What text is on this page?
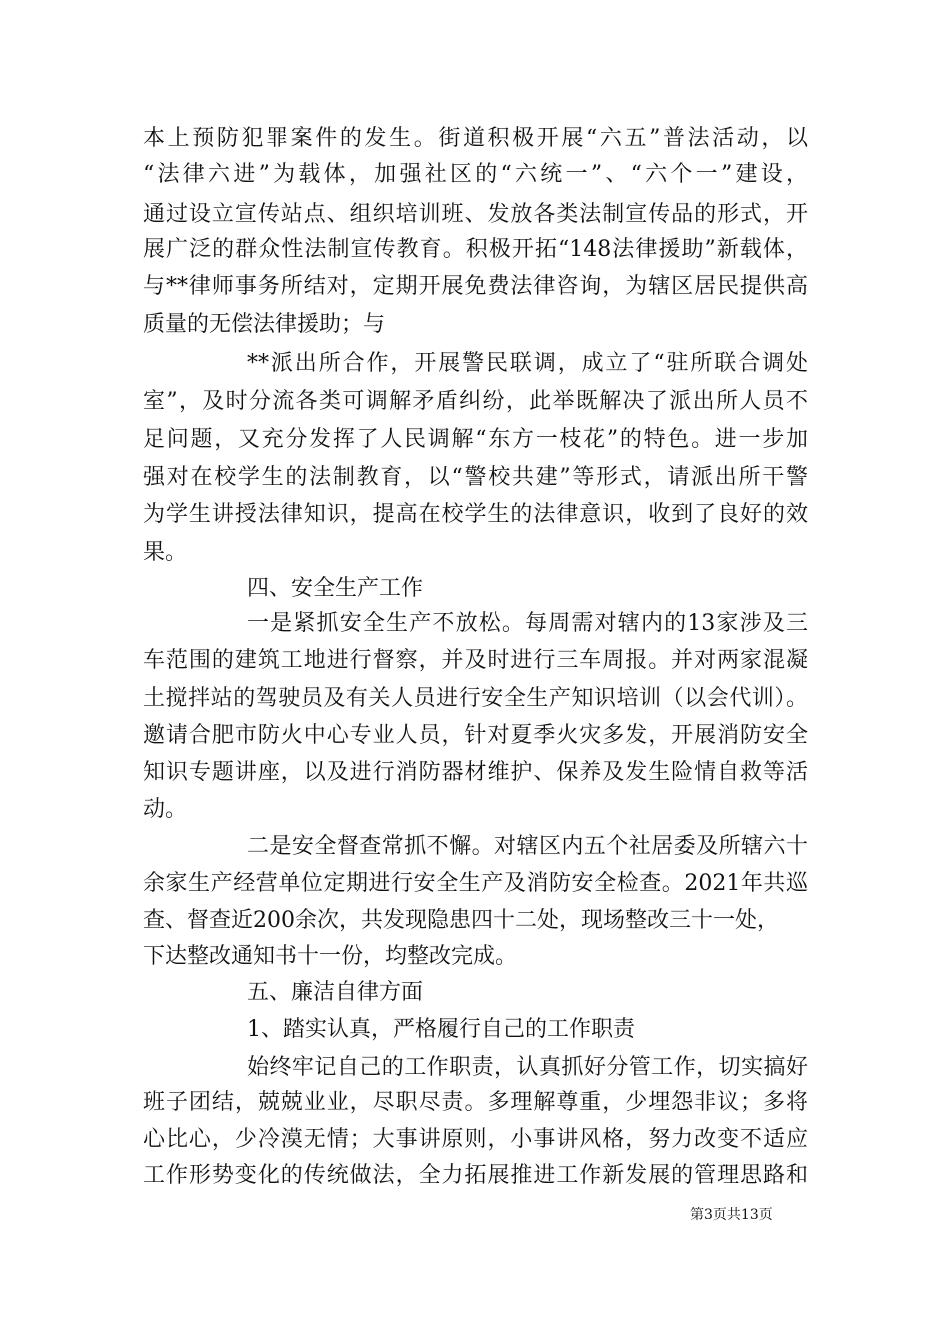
本上预防犯罪案件的发生。街道积极开展“六五”普法活动，以
“法律六进”为载体，加强社区的“六统一”、“六个一”建设，
通过设立宣传站点、组织培训班、发放各类法制宣传品的形式，开
展广泛的群众性法制宣传教育。积极开拓“148法律援助”新载体，
与**律师事务所结对，定期开展免费法律咨询，为辖区居民提供高
质量的无偿法律援助；与
**派出所合作，开展警民联调，成立了“驻所联合调处
室”，及时分流各类可调解矛盾纠纷，此举既解决了派出所人员不
足问题，又充分发挥了人民调解“东方一枝花”的特色。进一步加
强对在校学生的法制教育，以“警校共建”等形式，请派出所干警
为学生讲授法律知识，提高在校学生的法律意识，收到了良好的效
果。
四、安全生产工作
一是紧抓安全生产不放松。每周需对辖内的13家涉及三
车范围的建筑工地进行督察，并及时进行三车周报。并对两家混凝
土搅拌站的驾驶员及有关人员进行安全生产知识培训（以会代训）。
邀请合肥市防火中心专业人员，针对夏季火灾多发，开展消防安全
知识专题讲座，以及进行消防器材维护、保养及发生险情自救等活
动。
二是安全督查常抓不懈。对辖区内五个社居委及所辖六十
余家生产经营单位定期进行安全生产及消防安全检查。2021年共巡
查、督查近200余次，共发现隐患四十二处，现场整改三十一处，
下达整改通知书十一份，均整改完成。
五、廉洁自律方面
1、踏实认真，严格履行自己的工作职责
始终牢记自己的工作职责，认真抓好分管工作，切实搞好
班子团结，兢兢业业，尽职尽责。多理解尊重，少埋怨非议；多将
心比心，少冷漠无情；大事讲原则，小事讲风格，努力改变不适应
工作形势变化的传统做法，全力拓展推进工作新发展的管理思路和
第3页共13页
